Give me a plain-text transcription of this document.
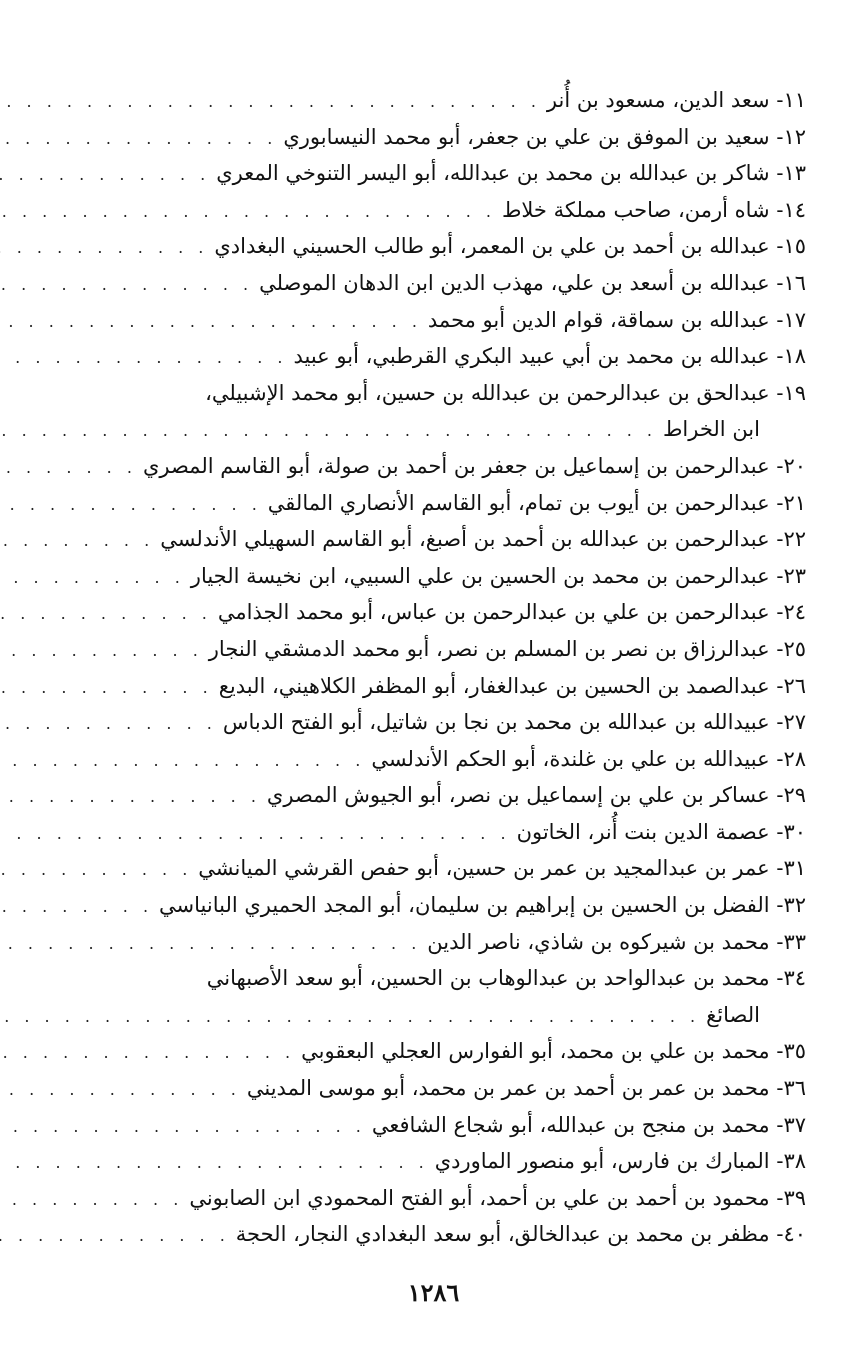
١١-

سعد الدين، مسعود بن أُنر
. . .
١٢-

سعيد بن الموفق بن علي بن جعفر، أبو محمد النيسابوري
. . .
١٣-

شاكر بن عبدالله بن محمد بن عبدالله، أبو اليسر التنوخي المعري
. . .
١٤-

شاه أرمن، صاحب مملكة خلاط
. . .
١٥-

عبدالله بن أحمد بن علي بن المعمر، أبو طالب الحسيني البغدادي
. . .
١٦-

عبدالله بن أسعد بن علي، مهذب الدين ابن الدهان الموصلي
. . .
١٧-

عبدالله بن سماقة، قوام الدين أبو محمد
. . .
١٨-

عبدالله بن محمد بن أبي عبيد البكري القرطبي، أبو عبيد
. . .
١٩-

عبدالحق بن عبدالرحمن بن عبدالله بن حسين، أبو محمد الإشبيلي،
ابن الخراط
. . .
٢٠-

عبدالرحمن بن إسماعيل بن جعفر بن أحمد بن صولة، أبو القاسم المصري
. . .
٢١-

عبدالرحمن بن أيوب بن تمام، أبو القاسم الأنصاري المالقي
. . .
٢٢-

عبدالرحمن بن عبدالله بن أحمد بن أصبغ، أبو القاسم السهيلي الأندلسي
. . .
٢٣-

عبدالرحمن بن محمد بن الحسين بن علي السبيي، ابن نخيسة الجيار
. . .
٢٤-

عبدالرحمن بن علي بن عبدالرحمن بن عباس، أبو محمد الجذامي
. . .
٢٥-

عبدالرزاق بن نصر بن المسلم بن نصر، أبو محمد الدمشقي النجار
. . .
٢٦-

عبدالصمد بن الحسين بن عبدالغفار، أبو المظفر الكلاهيني، البديع
. . .
٢٧-

عبيدالله بن عبدالله بن محمد بن نجا بن شاتيل، أبو الفتح الدباس
. . .
٢٨-

عبيدالله بن علي بن غلندة، أبو الحكم الأندلسي
. . .
٢٩-

عساكر بن علي بن إسماعيل بن نصر، أبو الجيوش المصري
. . .
٣٠-

عصمة الدين بنت أُنر، الخاتون
. . .
٣١-

عمر بن عبدالمجيد بن عمر بن حسين، أبو حفص القرشي الميانشي
. . .
٣٢-

الفضل بن الحسين بن إبراهيم بن سليمان، أبو المجد الحميري البانياسي
. . .
٣٣-

محمد بن شيركوه بن شاذي، ناصر الدين
. . .
٣٤-

محمد بن عبدالواحد بن عبدالوهاب بن الحسين، أبو سعد الأصبهاني
الصائغ
. . .
٣٥-

محمد بن علي بن محمد، أبو الفوارس العجلي البعقوبي
. . .
٣٦-

محمد بن عمر بن أحمد بن عمر بن محمد، أبو موسى المديني
. . .
٣٧-

محمد بن منجح بن عبدالله، أبو شجاع الشافعي
. . .
٣٨-

المبارك بن فارس، أبو منصور الماوردي
. . .
٣٩-

محمود بن أحمد بن علي بن أحمد، أبو الفتح المحمودي ابن الصابوني
. . .
٤٠-

مظفر بن محمد بن عبدالخالق، أبو سعد البغدادي النجار، الحجة
. . .
١٢٨٦
